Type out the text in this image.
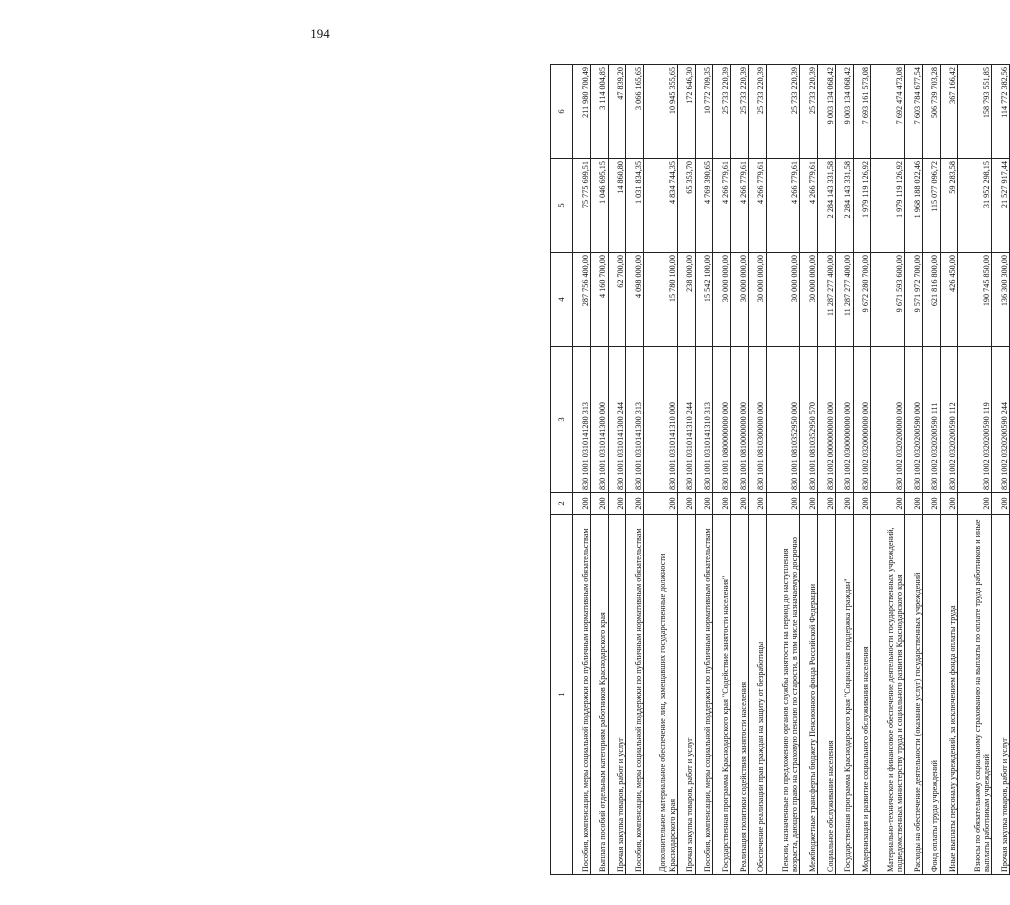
194
1	2	3	4	5	6
Пособия, компенсации, меры социальной поддержки по публичным нормативным обязательствам	200	830 1001 0310141280 313	287 756 400,00	75 775 699,51	211 980 700,49
Выплата пособий отдельным категориям работников Краснодарского края	200	830 1001 0310141300 000	4 160 700,00	1 046 695,15	3 114 004,85
Прочая закупка товаров, работ и услуг	200	830 1001 0310141300 244	62 700,00	14 860,80	47 839,20
Пособия, компенсации, меры социальной поддержки по публичным нормативным обязательствам	200	830 1001 0310141300 313	4 098 000,00	1 031 834,35	3 066 165,65
Дополнительное материальное обеспечение лиц, замещавших государственные должности Краснодарского края	200	830 1001 0310141310 000	15 780 100,00	4 834 744,35	10 945 355,65
Прочая закупка товаров, работ и услуг	200	830 1001 0310141310 244	238 000,00	65 353,70	172 646,30
Пособия, компенсации, меры социальной поддержки по публичным нормативным обязательствам	200	830 1001 0310141310 313	15 542 100,00	4 769 390,65	10 772 709,35
Государственная программа Краснодарского края "Содействие занятости населения"	200	830 1001 0800000000 000	30 000 000,00	4 266 779,61	25 733 220,39
Реализация политики содействия занятости населения	200	830 1001 0810000000 000	30 000 000,00	4 266 779,61	25 733 220,39
Обеспечение реализации прав граждан на защиту от безработицы	200	830 1001 0810300000 000	30 000 000,00	4 266 779,61	25 733 220,39
Пенсии, назначенные по предложению органов службы занятости на период до наступления возраста, дающего право на страховую пенсию по старости, в том числе назначаемую досрочно	200	830 1001 0810352950 000	30 000 000,00	4 266 779,61	25 733 220,39
Межбюджетные трансферты бюджету Пенсионного фонда Российской Федерации	200	830 1001 0810352950 570	30 000 000,00	4 266 779,61	25 733 220,39
Социальное обслуживание населения	200	830 1002 0000000000 000	11 287 277 400,00	2 284 143 331,58	9 003 134 068,42
Государственная программа Краснодарского края "Социальная поддержка граждан"	200	830 1002 0300000000 000	11 287 277 400,00	2 284 143 331,58	9 003 134 068,42
Модернизация и развитие социального обслуживания населения	200	830 1002 0320000000 000	9 672 280 700,00	1 979 119 126,92	7 693 161 573,08
Материально-техническое и финансовое обеспечение деятельности государственных учреждений, подведомственных министерству труда и социального развития Краснодарского края	200	830 1002 0320200000 000	9 671 593 600,00	1 979 119 126,92	7 692 474 473,08
Расходы на обеспечение деятельности (оказание услуг) государственных учреждений	200	830 1002 0320200590 000	9 571 972 700,00	1 968 188 022,46	7 603 784 677,54
Фонд оплаты труда учреждений	200	830 1002 0320200590 111	621 816 800,00	115 077 096,72	506 739 703,28
Иные выплаты персоналу учреждений, за исключением фонда оплаты труда	200	830 1002 0320200590 112	426 450,00	59 283,58	367 166,42
Взносы по обязательному социальному страхованию на выплаты по оплате труда работников и иные выплаты работникам учреждений	200	830 1002 0320200590 119	190 745 850,00	31 952 298,15	158 793 551,85
Прочая закупка товаров, работ и услуг	200	830 1002 0320200590 244	136 300 300,00	21 527 917,44	114 772 382,56
